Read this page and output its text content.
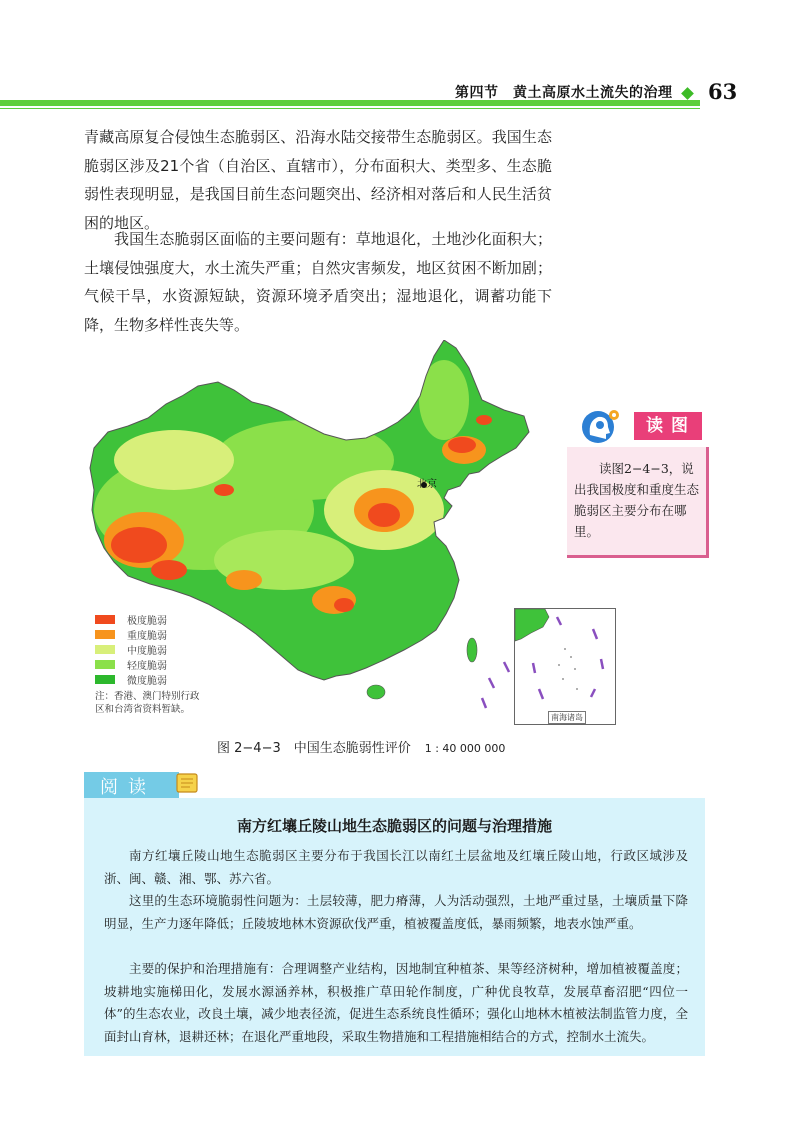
第四节　黄土高原水土流失的治理 63

青藏高原复合侵蚀生态脆弱区、沿海水陆交接带生态脆弱区。我国生态脆弱区涉及21个省（自治区、直辖市），分布面积大、类型多、生态脆弱性表现明显，是我国目前生态问题突出、经济相对落后和人民生活贫困的地区。

我国生态脆弱区面临的主要问题有：草地退化，土地沙化面积大；土壤侵蚀强度大，水土流失严重；自然灾害频发，地区贫困不断加剧；气候干旱，水资源短缺，资源环境矛盾突出；湿地退化，调蓄功能下降，生物多样性丧失等。

北京
极度脆弱
重度脆弱
中度脆弱
轻度脆弱
微度脆弱
注：香港、澳门特别行政区和台湾省资料暂缺。
南海诸岛
图 2−4−3　中国生态脆弱性评价 1 : 40 000 000
读图

读图2−4−3，说出我国极度和重度生态脆弱区主要分布在哪里。

阅读
南方红壤丘陵山地生态脆弱区的问题与治理措施

南方红壤丘陵山地生态脆弱区主要分布于我国长江以南红土层盆地及红壤丘陵山地，行政区域涉及浙、闽、赣、湘、鄂、苏六省。

这里的生态环境脆弱性问题为：土层较薄，肥力瘠薄，人为活动强烈，土地严重过垦，土壤质量下降明显，生产力逐年降低；丘陵坡地林木资源砍伐严重，植被覆盖度低，暴雨频繁，地表水蚀严重。

主要的保护和治理措施有：合理调整产业结构，因地制宜种植茶、果等经济树种，增加植被覆盖度；坡耕地实施梯田化，发展水源涵养林，积极推广草田轮作制度，广种优良牧草，发展草畜沼肥“四位一体”的生态农业，改良土壤，减少地表径流，促进生态系统良性循环；强化山地林木植被法制监管力度，全面封山育林，退耕还林；在退化严重地段，采取生物措施和工程措施相结合的方式，控制水土流失。
